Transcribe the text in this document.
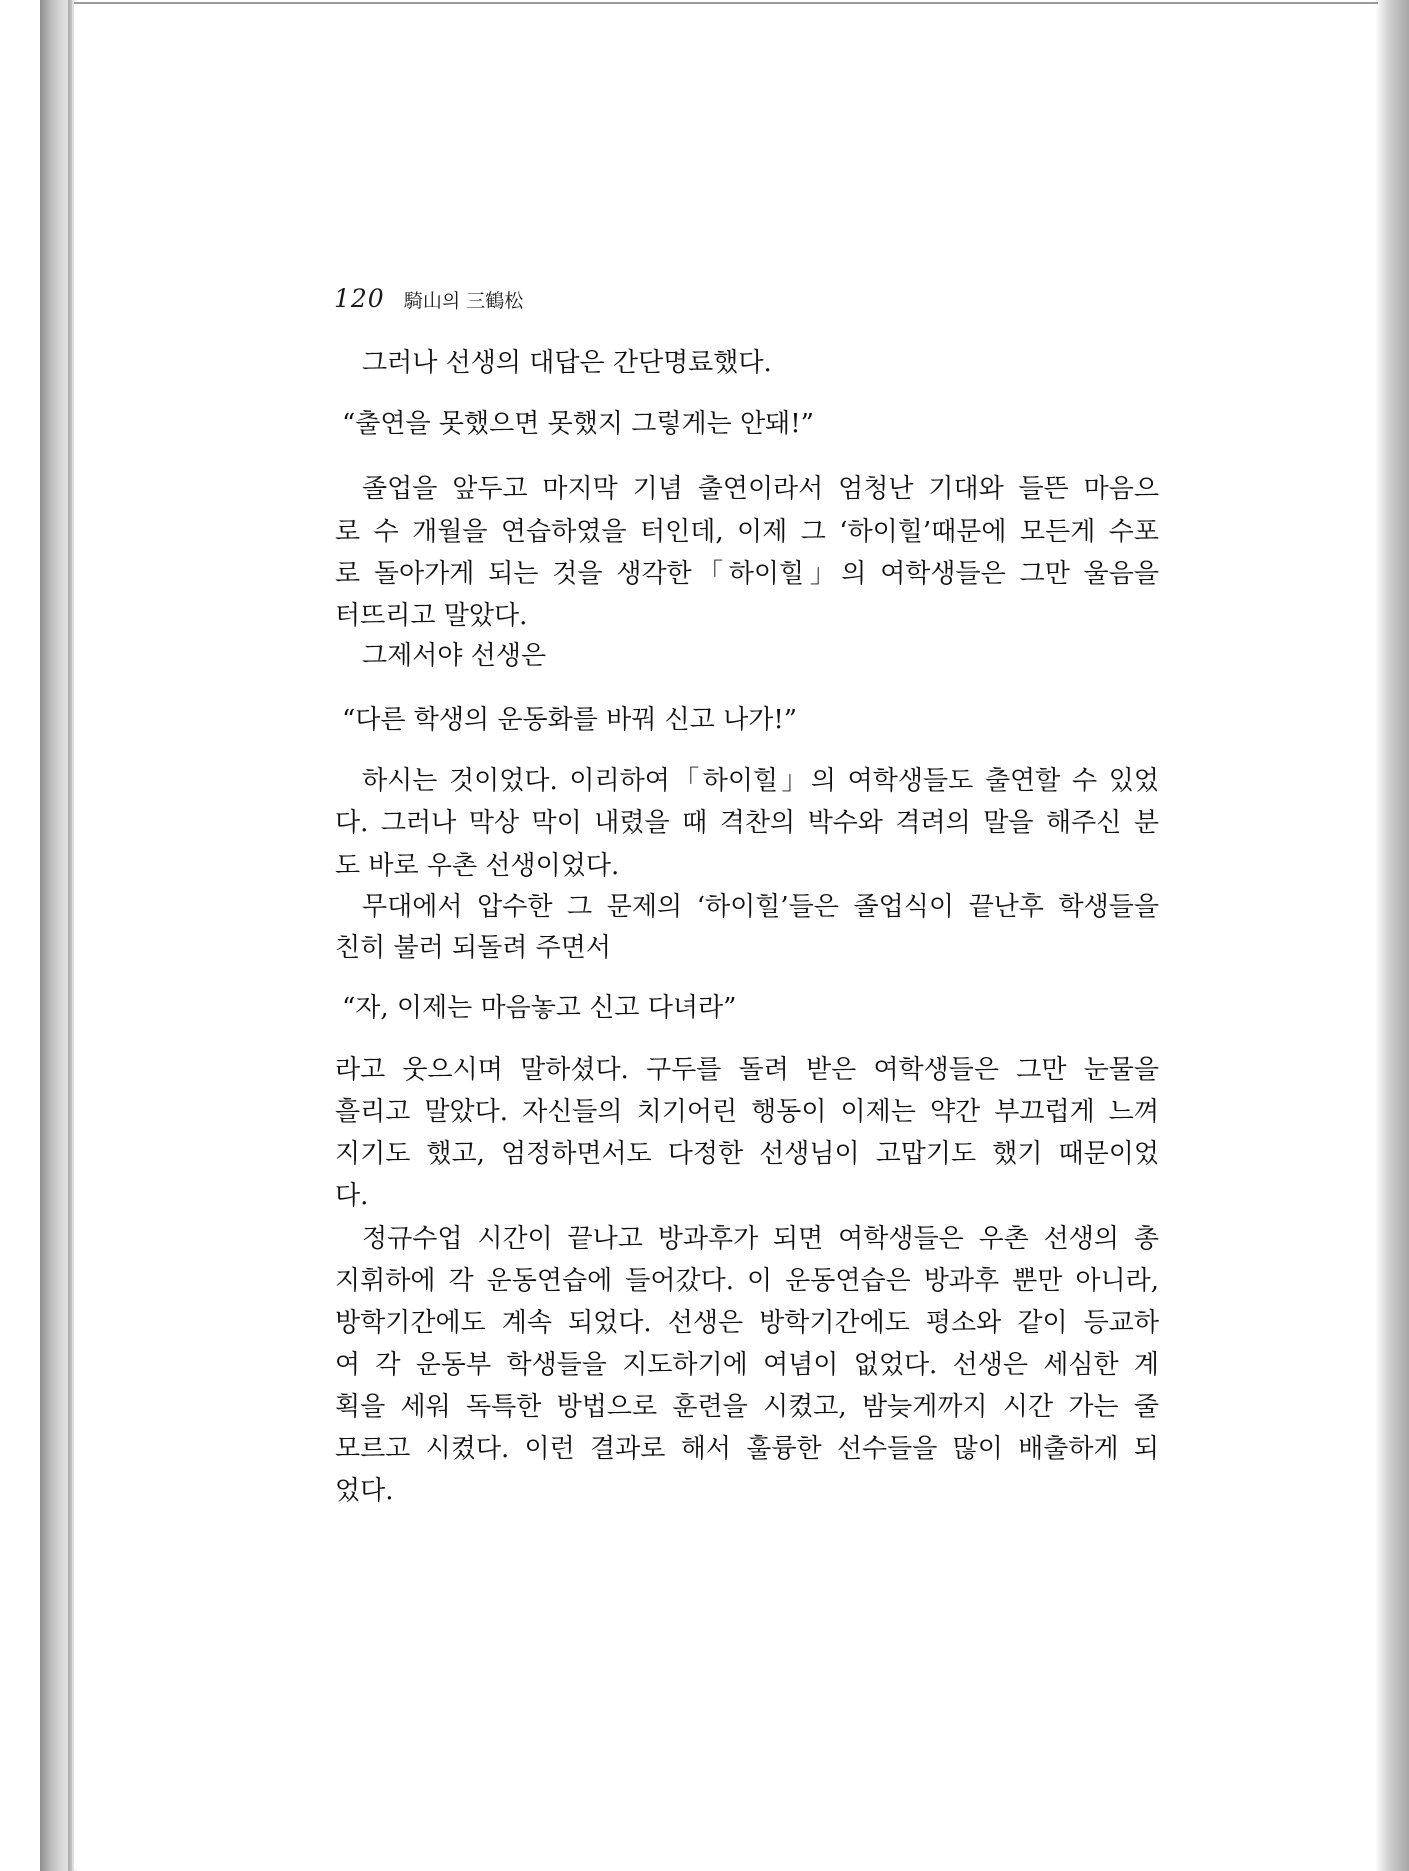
120 騎山의 三鶴松
그러나 선생의 대답은 간단명료했다.
“출연을 못했으면 못했지 그렇게는 안돼!”
졸업을 앞두고 마지막 기념 출연이라서 엄청난 기대와 들뜬 마음으
로 수 개월을 연습하였을 터인데, 이제 그 ‘하이힐’때문에 모든게 수포
로 돌아가게 되는 것을 생각한「하이힐」의 여학생들은 그만 울음을
터뜨리고 말았다.
그제서야 선생은
“다른 학생의 운동화를 바꿔 신고 나가!”
하시는 것이었다. 이리하여「하이힐」의 여학생들도 출연할 수 있었
다. 그러나 막상 막이 내렸을 때 격찬의 박수와 격려의 말을 해주신 분
도 바로 우촌 선생이었다.
무대에서 압수한 그 문제의 ‘하이힐’들은 졸업식이 끝난후 학생들을
친히 불러 되돌려 주면서
“자, 이제는 마음놓고 신고 다녀라”
라고 웃으시며 말하셨다. 구두를 돌려 받은 여학생들은 그만 눈물을
흘리고 말았다. 자신들의 치기어린 행동이 이제는 약간 부끄럽게 느껴
지기도 했고, 엄정하면서도 다정한 선생님이 고맙기도 했기 때문이었
다.
정규수업 시간이 끝나고 방과후가 되면 여학생들은 우촌 선생의 총
지휘하에 각 운동연습에 들어갔다. 이 운동연습은 방과후 뿐만 아니라,
방학기간에도 계속 되었다. 선생은 방학기간에도 평소와 같이 등교하
여 각 운동부 학생들을 지도하기에 여념이 없었다. 선생은 세심한 계
획을 세워 독특한 방법으로 훈련을 시켰고, 밤늦게까지 시간 가는 줄
모르고 시켰다. 이런 결과로 해서 훌륭한 선수들을 많이 배출하게 되
었다.
